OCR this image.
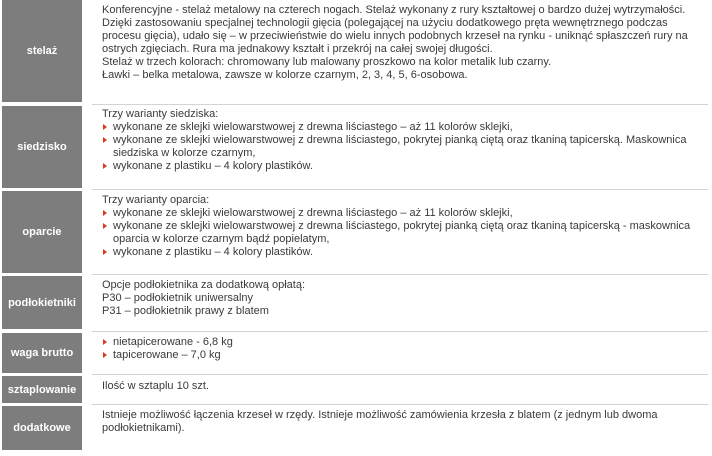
stelaż

Konferencyjne - stelaż metalowy na czterech nogach. Stelaż wykonany z rury kształtowej o bardzo dużej wytrzymałości.

Dzięki zastosowaniu specjalnej technologii gięcia (polegającej na użyciu dodatkowego pręta wewnętrznego podczas

procesu gięcia), udało się – w przeciwieństwie do wielu innych podobnych krzeseł na rynku - uniknąć spłaszczeń rury na

ostrych zgięciach. Rura ma jednakowy kształt i przekrój na całej swojej długości.

Stelaż w trzech kolorach: chromowany lub malowany proszkowo na kolor metalik lub czarny.

Ławki – belka metalowa, zawsze w kolorze czarnym, 2, 3, 4, 5, 6-osobowa.

siedzisko

Trzy warianty siedziska:

wykonane ze sklejki wielowarstwowej z drewna liściastego – aż 11 kolorów sklejki,
wykonane ze sklejki wielowarstwowej z drewna liściastego, pokrytej pianką ciętą oraz tkaniną tapicerską. Maskownica
siedziska w kolorze czarnym,
wykonane z plastiku – 4 kolory plastików.
oparcie

Trzy warianty oparcia:

wykonane ze sklejki wielowarstwowej z drewna liściastego – aż 11 kolorów sklejki,
wykonane ze sklejki wielowarstwowej z drewna liściastego, pokrytej pianką ciętą oraz tkaniną tapicerską - maskownica
oparcia w kolorze czarnym bądź popielatym,
wykonane z plastiku – 4 kolory plastików.
podłokietniki

Opcje podłokietnika za dodatkową opłatą:

P30 – podłokietnik uniwersalny

P31 – podłokietnik prawy z blatem

waga brutto
nietapicerowane - 6,8 kg
tapicerowane – 7,0 kg
sztaplowanie	Ilość w sztaplu 10 szt.

dodatkowe

Istnieje możliwość łączenia krzeseł w rzędy. Istnieje możliwość zamówienia krzesła z blatem (z jednym lub dwoma

podłokietnikami).
